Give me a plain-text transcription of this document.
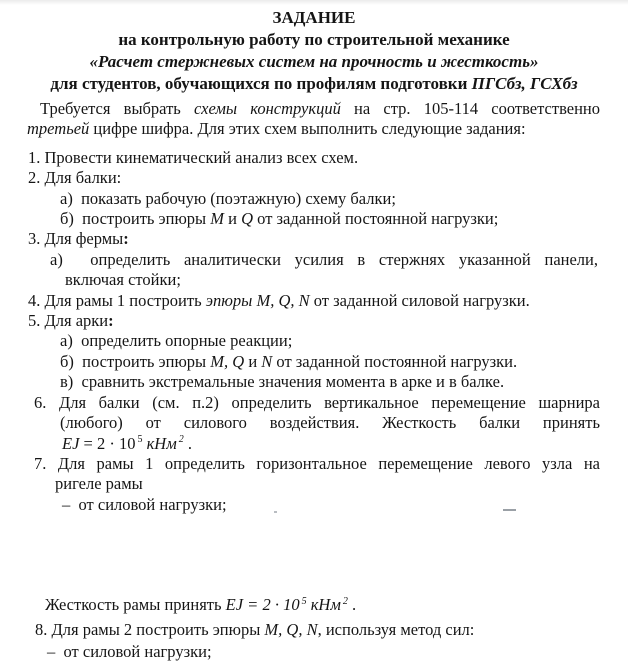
ЗАДАНИЕ
на контрольную работу по строительной механике
«Расчет стержневых систем на прочность и жесткость»
для студентов, обучающихся по профилям подготовки ПГСбз, ГСХбз
Требуется выбрать схемы конструкций на стр. 105-114 соответственно
третьей цифре шифра. Для этих схем выполнить следующие задания:
1. Провести кинематический анализ всех схем.
2. Для балки:
а)  показать рабочую (поэтажную) схему балки;
б)  построить эпюры M и Q от заданной постоянной нагрузки;
3. Для фермы:
а)  определить аналитически усилия в стержнях указанной панели,
включая стойки;
4. Для рамы 1 построить эпюры M, Q, N от заданной силовой нагрузки.
5. Для арки:
а)  определить опорные реакции;
б)  построить эпюры M, Q и N от заданной постоянной нагрузки.
в)  сравнить экстремальные значения момента в арке и в балке.
6. Для балки (см. п.2) определить вертикальное перемещение шарнира
(любого) от силового воздействия. Жесткость балки принять
EJ = 2 · 10 $^5$ кНм $^2$ .
7. Для рамы 1 определить горизонтальное перемещение левого узла на
ригеле рамы
–  от силовой нагрузки;
Жесткость рамы принять EJ = 2 · 10 $^5$ кНм $^2$ .
8. Для рамы 2 построить эпюры M, Q, N, используя метод сил:
–  от силовой нагрузки;
